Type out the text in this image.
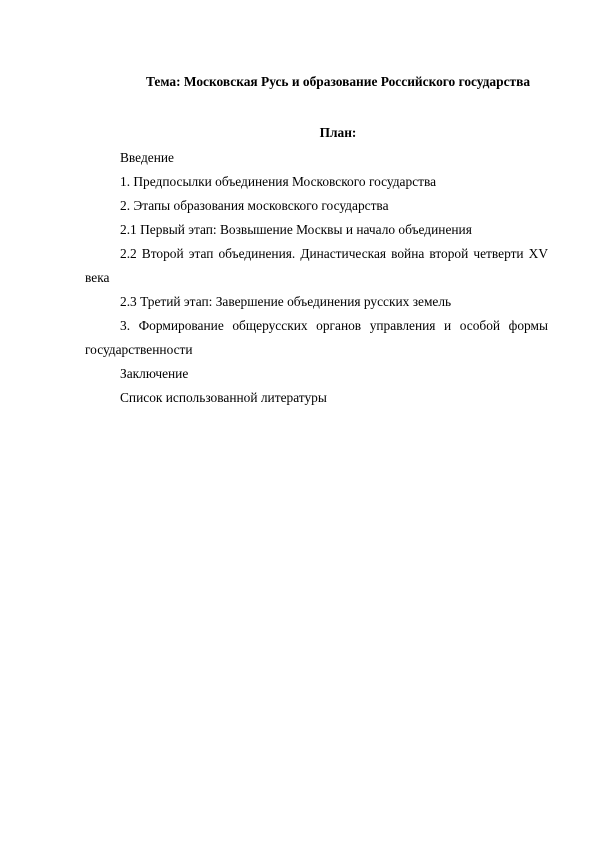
Тема: Московская Русь и образование Российского государства
План:
Введение
1. Предпосылки объединения Московского государства
2. Этапы образования московского государства
2.1 Первый этап: Возвышение Москвы и начало объединения
2.2 Второй этап объединения. Династическая война второй четверти XV века
2.3 Третий этап: Завершение объединения русских земель
3. Формирование общерусских органов управления и особой формы государственности
Заключение
Список использованной литературы
